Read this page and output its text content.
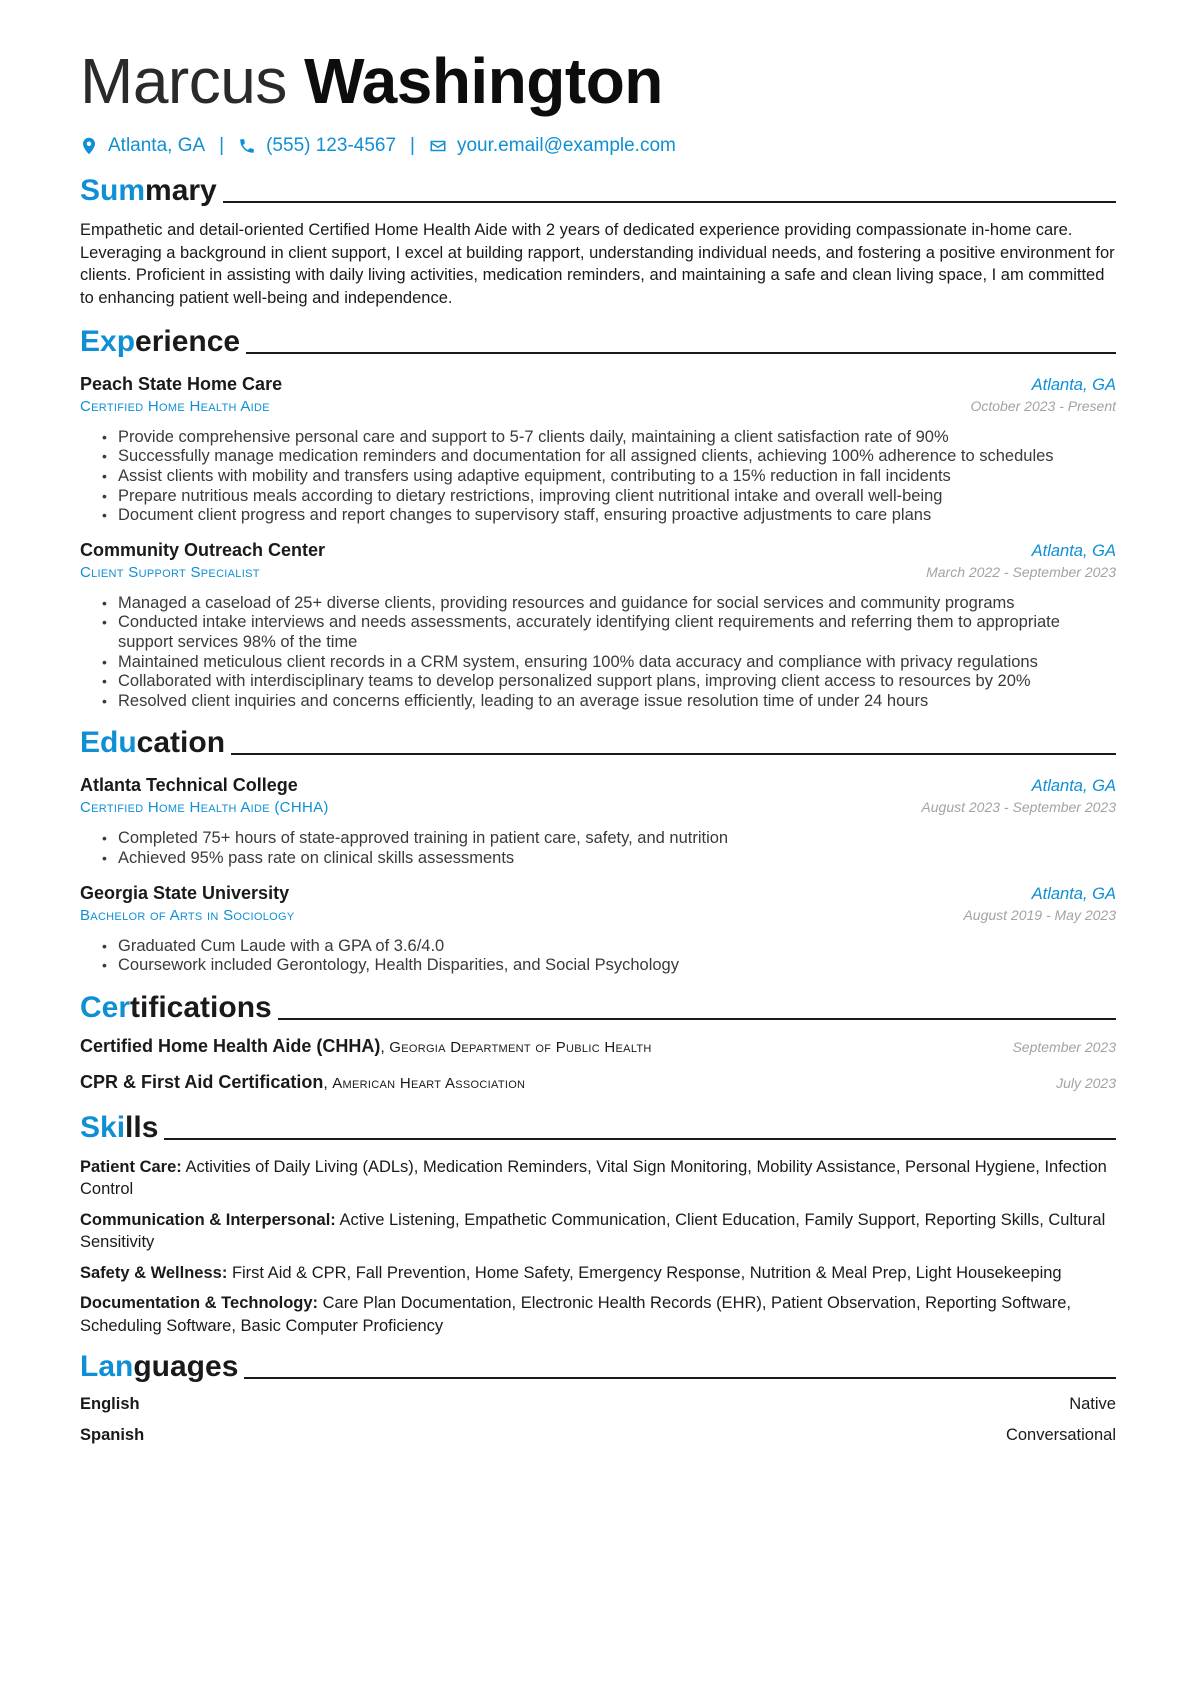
Marcus Washington
Atlanta, GA | (555) 123-4567 | your.email@example.com
Summary

Empathetic and detail-oriented Certified Home Health Aide with 2 years of dedicated experience providing compassionate in-home care. Leveraging a background in client support, I excel at building rapport, understanding individual needs, and fostering a positive environment for clients. Proficient in assisting with daily living activities, medication reminders, and maintaining a safe and clean living space, I am committed to enhancing patient well-being and independence.

Experience
Peach State Home Care	Atlanta, GA
Certified Home Health Aide	October 2023 - Present
• Provide comprehensive personal care and support to 5-7 clients daily, maintaining a client satisfaction rate of 90%
• Successfully manage medication reminders and documentation for all assigned clients, achieving 100% adherence to schedules
• Assist clients with mobility and transfers using adaptive equipment, contributing to a 15% reduction in fall incidents
• Prepare nutritious meals according to dietary restrictions, improving client nutritional intake and overall well-being
• Document client progress and report changes to supervisory staff, ensuring proactive adjustments to care plans
Community Outreach Center	Atlanta, GA
Client Support Specialist	March 2022 - September 2023
• Managed a caseload of 25+ diverse clients, providing resources and guidance for social services and community programs
• Conducted intake interviews and needs assessments, accurately identifying client requirements and referring them to appropriate support services 98% of the time
• Maintained meticulous client records in a CRM system, ensuring 100% data accuracy and compliance with privacy regulations
• Collaborated with interdisciplinary teams to develop personalized support plans, improving client access to resources by 20%
• Resolved client inquiries and concerns efficiently, leading to an average issue resolution time of under 24 hours
Education
Atlanta Technical College	Atlanta, GA
Certified Home Health Aide (CHHA)	August 2023 - September 2023
• Completed 75+ hours of state-approved training in patient care, safety, and nutrition
• Achieved 95% pass rate on clinical skills assessments
Georgia State University	Atlanta, GA
Bachelor of Arts in Sociology	August 2019 - May 2023
• Graduated Cum Laude with a GPA of 3.6/4.0
• Coursework included Gerontology, Health Disparities, and Social Psychology
Certifications
Certified Home Health Aide (CHHA), Georgia Department of Public Health	September 2023
CPR & First Aid Certification, American Heart Association	July 2023
Skills
Patient Care: Activities of Daily Living (ADLs), Medication Reminders, Vital Sign Monitoring, Mobility Assistance, Personal Hygiene, Infection Control
Communication & Interpersonal: Active Listening, Empathetic Communication, Client Education, Family Support, Reporting Skills, Cultural Sensitivity
Safety & Wellness: First Aid & CPR, Fall Prevention, Home Safety, Emergency Response, Nutrition & Meal Prep, Light Housekeeping
Documentation & Technology: Care Plan Documentation, Electronic Health Records (EHR), Patient Observation, Reporting Software, Scheduling Software, Basic Computer Proficiency
Languages
English	Native
Spanish	Conversational
